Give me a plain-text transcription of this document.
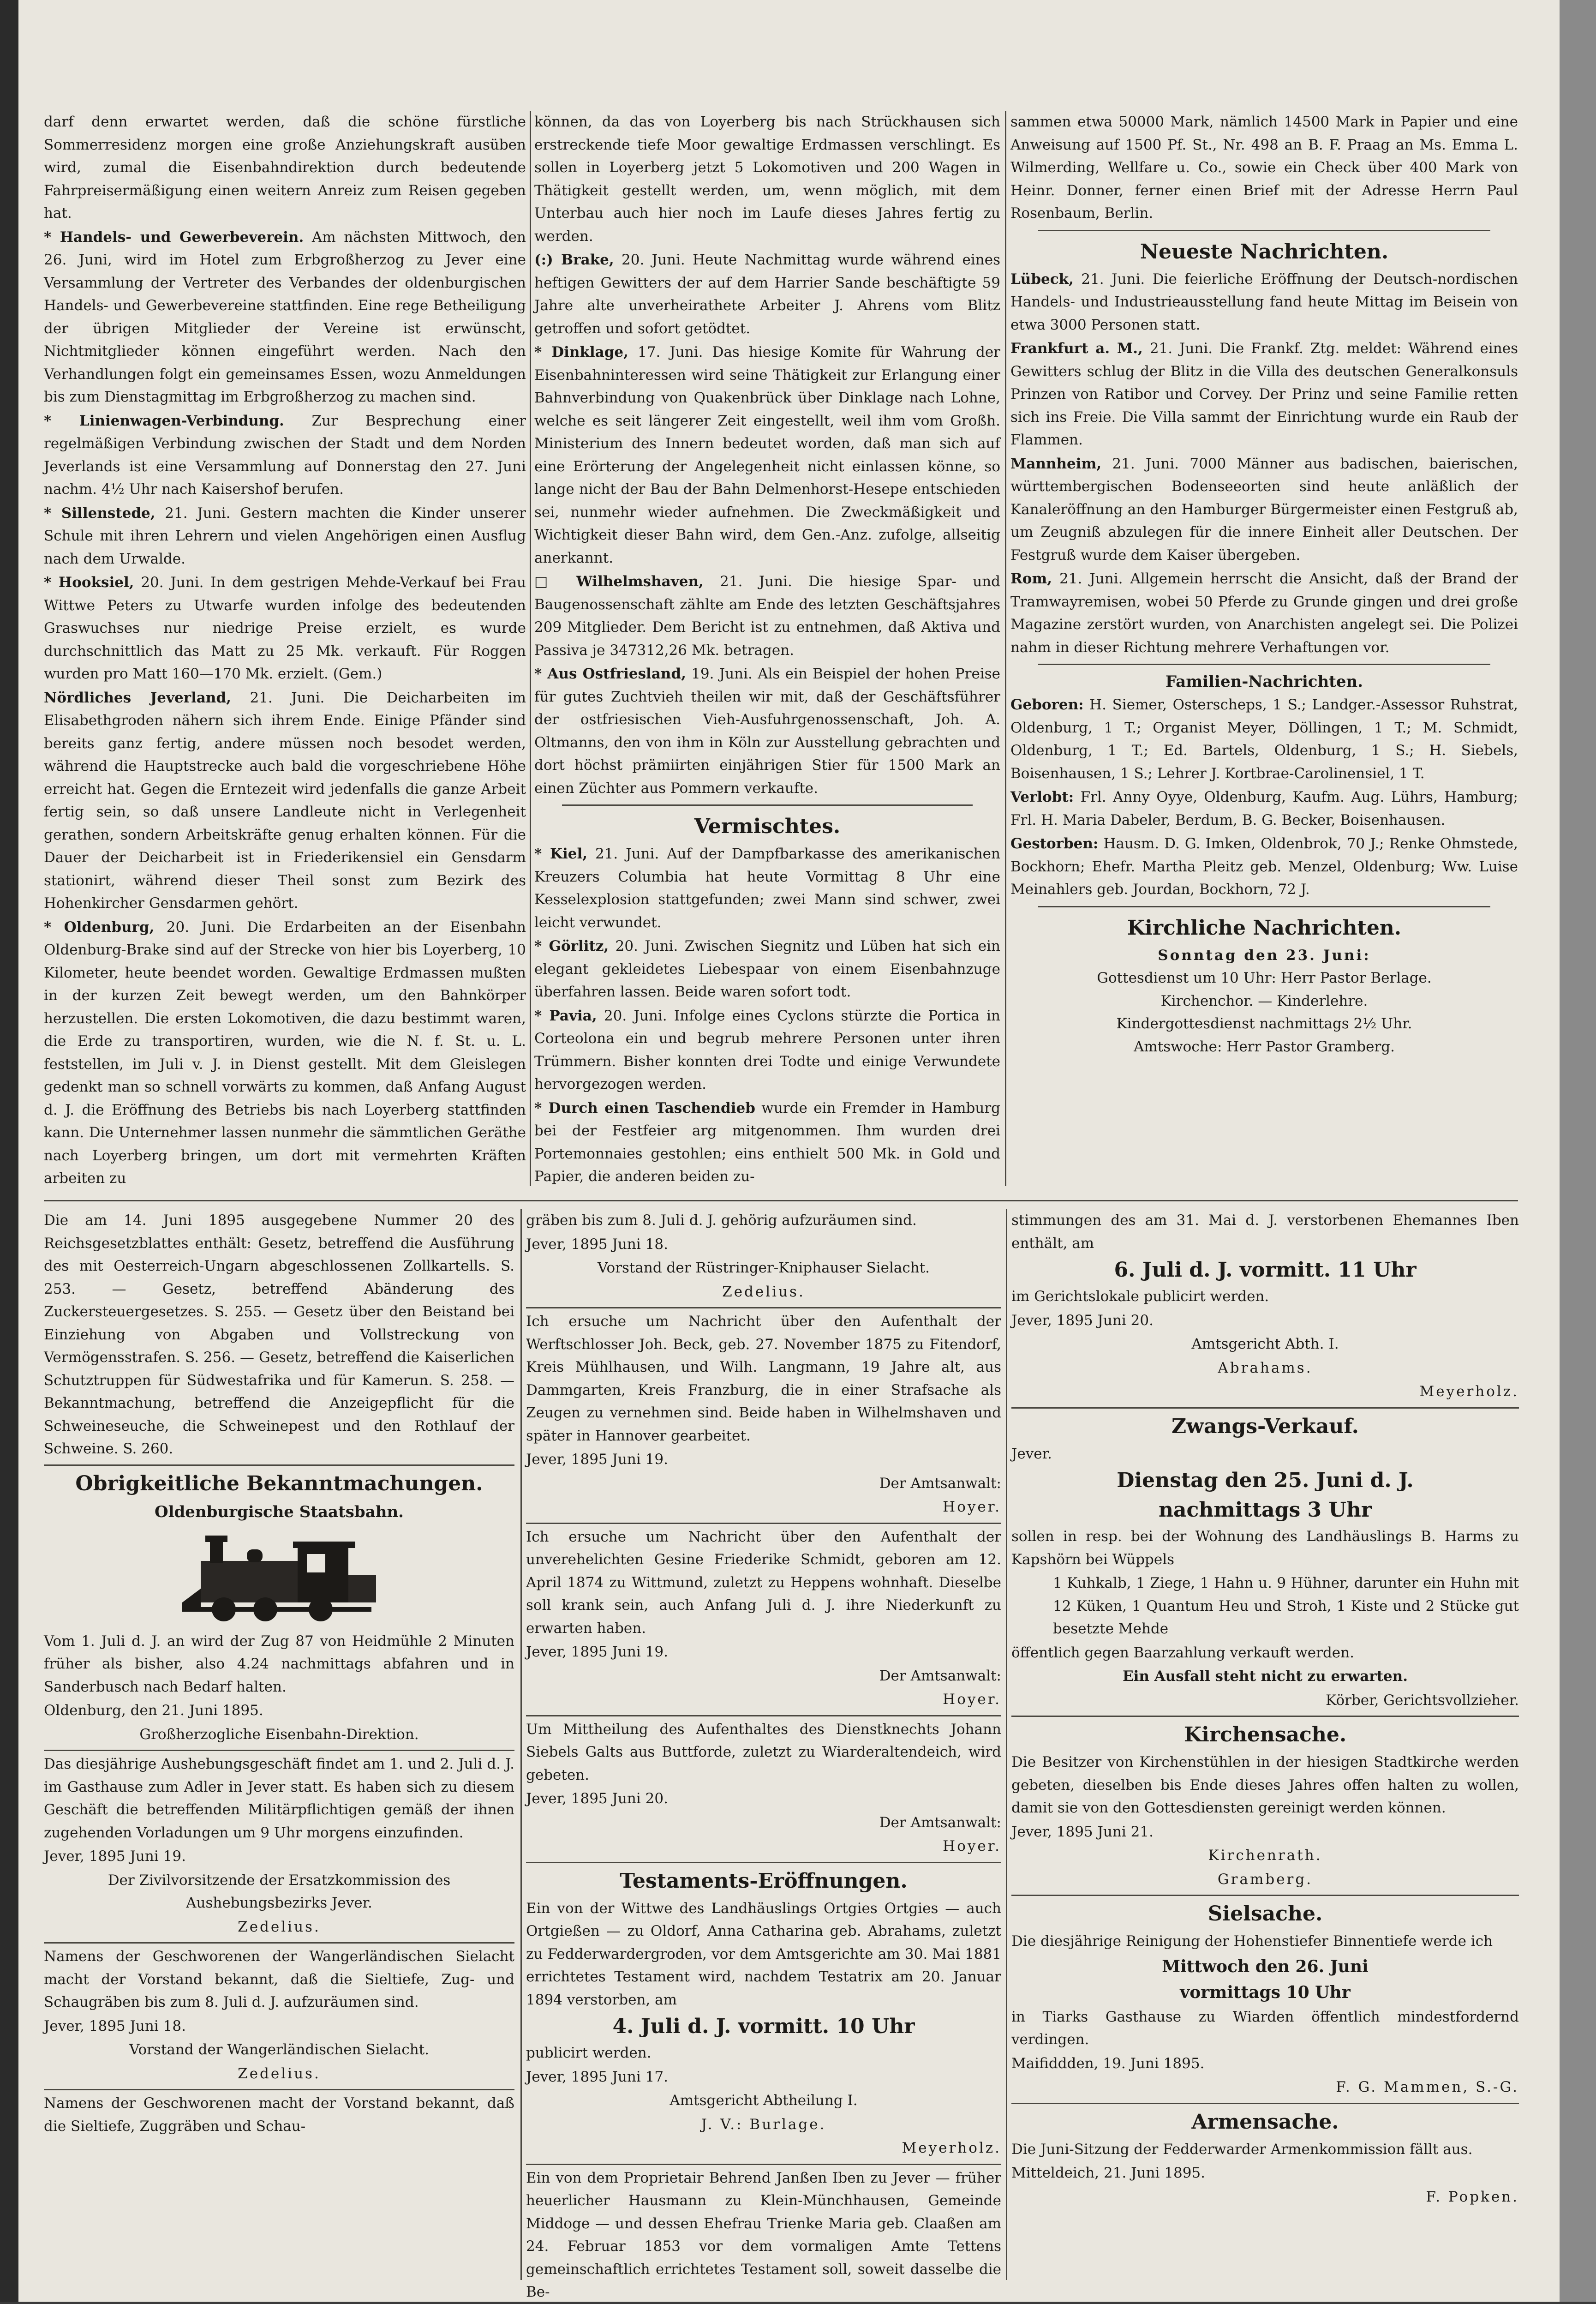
darf denn erwartet werden, daß die schöne fürstliche Sommerresidenz morgen eine große Anziehungskraft ausüben wird, zumal die Eisenbahndirektion durch bedeutende Fahrpreisermäßigung einen weitern Anreiz zum Reisen gegeben hat.

* Handels- und Gewerbeverein. Am nächsten Mittwoch, den 26. Juni, wird im Hotel zum Erbgroßherzog zu Jever eine Versammlung der Vertreter des Verbandes der oldenburgischen Handels- und Gewerbevereine stattfinden. Eine rege Betheiligung der übrigen Mitglieder der Vereine ist erwünscht, Nichtmitglieder können eingeführt werden. Nach den Verhandlungen folgt ein gemeinsames Essen, wozu Anmeldungen bis zum Dienstagmittag im Erbgroßherzog zu machen sind.

* Linienwagen-Verbindung. Zur Besprechung einer regelmäßigen Verbindung zwischen der Stadt und dem Norden Jeverlands ist eine Versammlung auf Donnerstag den 27. Juni nachm. 4½ Uhr nach Kaisershof berufen.

* Sillenstede, 21. Juni. Gestern machten die Kinder unserer Schule mit ihren Lehrern und vielen Angehörigen einen Ausflug nach dem Urwalde.

* Hooksiel, 20. Juni. In dem gestrigen Mehde-Verkauf bei Frau Wittwe Peters zu Utwarfe wurden infolge des bedeutenden Graswuchses nur niedrige Preise erzielt, es wurde durchschnittlich das Matt zu 25 Mk. verkauft. Für Roggen wurden pro Matt 160—170 Mk. erzielt. (Gem.)

Nördliches Jeverland, 21. Juni. Die Deicharbeiten im Elisabethgroden nähern sich ihrem Ende. Einige Pfänder sind bereits ganz fertig, andere müssen noch besodet werden, während die Hauptstrecke auch bald die vorgeschriebene Höhe erreicht hat. Gegen die Erntezeit wird jedenfalls die ganze Arbeit fertig sein, so daß unsere Landleute nicht in Verlegenheit gerathen, sondern Arbeitskräfte genug erhalten können. Für die Dauer der Deicharbeit ist in Friederikensiel ein Gensdarm stationirt, während dieser Theil sonst zum Bezirk des Hohenkircher Gensdarmen gehört.

* Oldenburg, 20. Juni. Die Erdarbeiten an der Eisenbahn Oldenburg-Brake sind auf der Strecke von hier bis Loyerberg, 10 Kilometer, heute beendet worden. Gewaltige Erdmassen mußten in der kurzen Zeit bewegt werden, um den Bahnkörper herzustellen. Die ersten Lokomotiven, die dazu bestimmt waren, die Erde zu transportiren, wurden, wie die N. f. St. u. L. feststellen, im Juli v. J. in Dienst gestellt. Mit dem Gleislegen gedenkt man so schnell vorwärts zu kommen, daß Anfang August d. J. die Eröffnung des Betriebs bis nach Loyerberg stattfinden kann. Die Unternehmer lassen nunmehr die sämmtlichen Geräthe nach Loyerberg bringen, um dort mit vermehrten Kräften arbeiten zu

können, da das von Loyerberg bis nach Strückhausen sich erstreckende tiefe Moor gewaltige Erdmassen verschlingt. Es sollen in Loyerberg jetzt 5 Lokomotiven und 200 Wagen in Thätigkeit gestellt werden, um, wenn möglich, mit dem Unterbau auch hier noch im Laufe dieses Jahres fertig zu werden.

(:) Brake, 20. Juni. Heute Nachmittag wurde während eines heftigen Gewitters der auf dem Harrier Sande beschäftigte 59 Jahre alte unverheirathete Arbeiter J. Ahrens vom Blitz getroffen und sofort getödtet.

* Dinklage, 17. Juni. Das hiesige Komite für Wahrung der Eisenbahninteressen wird seine Thätigkeit zur Erlangung einer Bahnverbindung von Quakenbrück über Dinklage nach Lohne, welche es seit längerer Zeit eingestellt, weil ihm vom Großh. Ministerium des Innern bedeutet worden, daß man sich auf eine Erörterung der Angelegenheit nicht einlassen könne, so lange nicht der Bau der Bahn Delmenhorst-Hesepe entschieden sei, nunmehr wieder aufnehmen. Die Zweckmäßigkeit und Wichtigkeit dieser Bahn wird, dem Gen.-Anz. zufolge, allseitig anerkannt.

□ Wilhelmshaven, 21. Juni. Die hiesige Spar- und Baugenossenschaft zählte am Ende des letzten Geschäftsjahres 209 Mitglieder. Dem Bericht ist zu entnehmen, daß Aktiva und Passiva je 347312,26 Mk. betragen.

* Aus Ostfriesland, 19. Juni. Als ein Beispiel der hohen Preise für gutes Zuchtvieh theilen wir mit, daß der Geschäftsführer der ostfriesischen Vieh-Ausfuhrgenossenschaft, Joh. A. Oltmanns, den von ihm in Köln zur Ausstellung gebrachten und dort höchst prämiirten einjährigen Stier für 1500 Mark an einen Züchter aus Pommern verkaufte.

Vermischtes.

* Kiel, 21. Juni. Auf der Dampfbarkasse des amerikanischen Kreuzers Columbia hat heute Vormittag 8 Uhr eine Kesselexplosion stattgefunden; zwei Mann sind schwer, zwei leicht verwundet.

* Görlitz, 20. Juni. Zwischen Siegnitz und Lüben hat sich ein elegant gekleidetes Liebespaar von einem Eisenbahnzuge überfahren lassen. Beide waren sofort todt.

* Pavia, 20. Juni. Infolge eines Cyclons stürzte die Portica in Corteolona ein und begrub mehrere Personen unter ihren Trümmern. Bisher konnten drei Todte und einige Verwundete hervorgezogen werden.

* Durch einen Taschendieb wurde ein Fremder in Hamburg bei der Festfeier arg mitgenommen. Ihm wurden drei Portemonnaies gestohlen; eins enthielt 500 Mk. in Gold und Papier, die anderen beiden zu-

sammen etwa 50000 Mark, nämlich 14500 Mark in Papier und eine Anweisung auf 1500 Pf. St., Nr. 498 an B. F. Praag an Ms. Emma L. Wilmerding, Wellfare u. Co., sowie ein Check über 400 Mark von Heinr. Donner, ferner einen Brief mit der Adresse Herrn Paul Rosenbaum, Berlin.

Neueste Nachrichten.

Lübeck, 21. Juni. Die feierliche Eröffnung der Deutsch-nordischen Handels- und Industrieausstellung fand heute Mittag im Beisein von etwa 3000 Personen statt.

Frankfurt a. M., 21. Juni. Die Frankf. Ztg. meldet: Während eines Gewitters schlug der Blitz in die Villa des deutschen Generalkonsuls Prinzen von Ratibor und Corvey. Der Prinz und seine Familie retten sich ins Freie. Die Villa sammt der Einrichtung wurde ein Raub der Flammen.

Mannheim, 21. Juni. 7000 Männer aus badischen, baierischen, württembergischen Bodenseeorten sind heute anläßlich der Kanaleröffnung an den Hamburger Bürgermeister einen Festgruß ab, um Zeugniß abzulegen für die innere Einheit aller Deutschen. Der Festgruß wurde dem Kaiser übergeben.

Rom, 21. Juni. Allgemein herrscht die Ansicht, daß der Brand der Tramwayremisen, wobei 50 Pferde zu Grunde gingen und drei große Magazine zerstört wurden, von Anarchisten angelegt sei. Die Polizei nahm in dieser Richtung mehrere Verhaftungen vor.

Familien-Nachrichten.

Geboren: H. Siemer, Osterscheps, 1 S.; Landger.-Assessor Ruhstrat, Oldenburg, 1 T.; Organist Meyer, Döllingen, 1 T.; M. Schmidt, Oldenburg, 1 T.; Ed. Bartels, Oldenburg, 1 S.; H. Siebels, Boisenhausen, 1 S.; Lehrer J. Kortbrae-Carolinensiel, 1 T.

Verlobt: Frl. Anny Oyye, Oldenburg, Kaufm. Aug. Lührs, Hamburg; Frl. H. Maria Dabeler, Berdum, B. G. Becker, Boisenhausen.

Gestorben: Hausm. D. G. Imken, Oldenbrok, 70 J.; Renke Ohmstede, Bockhorn; Ehefr. Martha Pleitz geb. Menzel, Oldenburg; Ww. Luise Meinahlers geb. Jourdan, Bockhorn, 72 J.

Kirchliche Nachrichten.
Sonntag den 23. Juni:
Gottesdienst um 10 Uhr: Herr Pastor Berlage.
Kirchenchor. — Kinderlehre.
Kindergottesdienst nachmittags 2½ Uhr.
Amtswoche: Herr Pastor Gramberg.

Die am 14. Juni 1895 ausgegebene Nummer 20 des Reichsgesetzblattes enthält: Gesetz, betreffend die Ausführung des mit Oesterreich-Ungarn abgeschlossenen Zollkartells. S. 253. — Gesetz, betreffend Abänderung des Zuckersteuergesetzes. S. 255. — Gesetz über den Beistand bei Einziehung von Abgaben und Vollstreckung von Vermögensstrafen. S. 256. — Gesetz, betreffend die Kaiserlichen Schutztruppen für Südwestafrika und für Kamerun. S. 258. — Bekanntmachung, betreffend die Anzeigepflicht für die Schweineseuche, die Schweinepest und den Rothlauf der Schweine. S. 260.

Obrigkeitliche Bekanntmachungen.
Oldenburgische Staatsbahn.

Vom 1. Juli d. J. an wird der Zug 87 von Heidmühle 2 Minuten früher als bisher, also 4.24 nachmittags abfahren und in Sanderbusch nach Bedarf halten.

Oldenburg, den 21. Juni 1895.

Großherzogliche Eisenbahn-Direktion.

Das diesjährige Aushebungsgeschäft findet am 1. und 2. Juli d. J. im Gasthause zum Adler in Jever statt. Es haben sich zu diesem Geschäft die betreffenden Militärpflichtigen gemäß der ihnen zugehenden Vorladungen um 9 Uhr morgens einzufinden.

Jever, 1895 Juni 19.

Der Zivilvorsitzende der Ersatzkommission des Aushebungsbezirks Jever.

Zedelius.

Namens der Geschworenen der Wangerländischen Sielacht macht der Vorstand bekannt, daß die Sieltiefe, Zug- und Schaugräben bis zum 8. Juli d. J. aufzuräumen sind.

Jever, 1895 Juni 18.

Vorstand der Wangerländischen Sielacht.

Zedelius.

Namens der Geschworenen macht der Vorstand bekannt, daß die Sieltiefe, Zuggräben und Schau-

gräben bis zum 8. Juli d. J. gehörig aufzuräumen sind.

Jever, 1895 Juni 18.

Vorstand der Rüstringer-Kniphauser Sielacht.

Zedelius.

Ich ersuche um Nachricht über den Aufenthalt der Werftschlosser Joh. Beck, geb. 27. November 1875 zu Fitendorf, Kreis Mühlhausen, und Wilh. Langmann, 19 Jahre alt, aus Dammgarten, Kreis Franzburg, die in einer Strafsache als Zeugen zu vernehmen sind. Beide haben in Wilhelmshaven und später in Hannover gearbeitet.

Jever, 1895 Juni 19.

Der Amtsanwalt:

Hoyer.

Ich ersuche um Nachricht über den Aufenthalt der unverehelichten Gesine Friederike Schmidt, geboren am 12. April 1874 zu Wittmund, zuletzt zu Heppens wohnhaft. Dieselbe soll krank sein, auch Anfang Juli d. J. ihre Niederkunft zu erwarten haben.

Jever, 1895 Juni 19.

Der Amtsanwalt:

Hoyer.

Um Mittheilung des Aufenthaltes des Dienstknechts Johann Siebels Galts aus Buttforde, zuletzt zu Wiarderaltendeich, wird gebeten.

Jever, 1895 Juni 20.

Der Amtsanwalt:

Hoyer.

Testaments-Eröffnungen.

Ein von der Wittwe des Landhäuslings Ortgies Ortgies — auch Ortgießen — zu Oldorf, Anna Catharina geb. Abrahams, zuletzt zu Fedderwardergroden, vor dem Amtsgerichte am 30. Mai 1881 errichtetes Testament wird, nachdem Testatrix am 20. Januar 1894 verstorben, am

4. Juli d. J. vormitt. 10 Uhr

publicirt werden.

Jever, 1895 Juni 17.

Amtsgericht Abtheilung I.

J. V.: Burlage.

Meyerholz.

Ein von dem Proprietair Behrend Janßen Iben zu Jever — früher heuerlicher Hausmann zu Klein-Münchhausen, Gemeinde Middoge — und dessen Ehefrau Trienke Maria geb. Claaßen am 24. Februar 1853 vor dem vormaligen Amte Tettens gemeinschaftlich errichtetes Testament soll, soweit dasselbe die Be-

stimmungen des am 31. Mai d. J. verstorbenen Ehemannes Iben enthält, am

6. Juli d. J. vormitt. 11 Uhr

im Gerichtslokale publicirt werden.

Jever, 1895 Juni 20.

Amtsgericht Abth. I.

Abrahams.

Meyerholz.

Zwangs-Verkauf.

Jever.

Dienstag den 25. Juni d. J.

nachmittags 3 Uhr

sollen in resp. bei der Wohnung des Landhäuslings B. Harms zu Kapshörn bei Wüppels

1 Kuhkalb, 1 Ziege, 1 Hahn u. 9 Hühner, darunter ein Huhn mit 12 Küken, 1 Quantum Heu und Stroh, 1 Kiste und 2 Stücke gut besetzte Mehde

öffentlich gegen Baarzahlung verkauft werden.

Ein Ausfall steht nicht zu erwarten.

Körber, Gerichtsvollzieher.

Kirchensache.

Die Besitzer von Kirchenstühlen in der hiesigen Stadtkirche werden gebeten, dieselben bis Ende dieses Jahres offen halten zu wollen, damit sie von den Gottesdiensten gereinigt werden können.

Jever, 1895 Juni 21.

Kirchenrath.

Gramberg.

Sielsache.

Die diesjährige Reinigung der Hohenstiefer Binnentiefe werde ich

Mittwoch den 26. Juni

vormittags 10 Uhr

in Tiarks Gasthause zu Wiarden öffentlich mindestfordernd verdingen.

Maifiddden, 19. Juni 1895.

F. G. Mammen, S.-G.

Armensache.

Die Juni-Sitzung der Fedderwarder Armenkommission fällt aus.

Mitteldeich, 21. Juni 1895.

F. Popken.
